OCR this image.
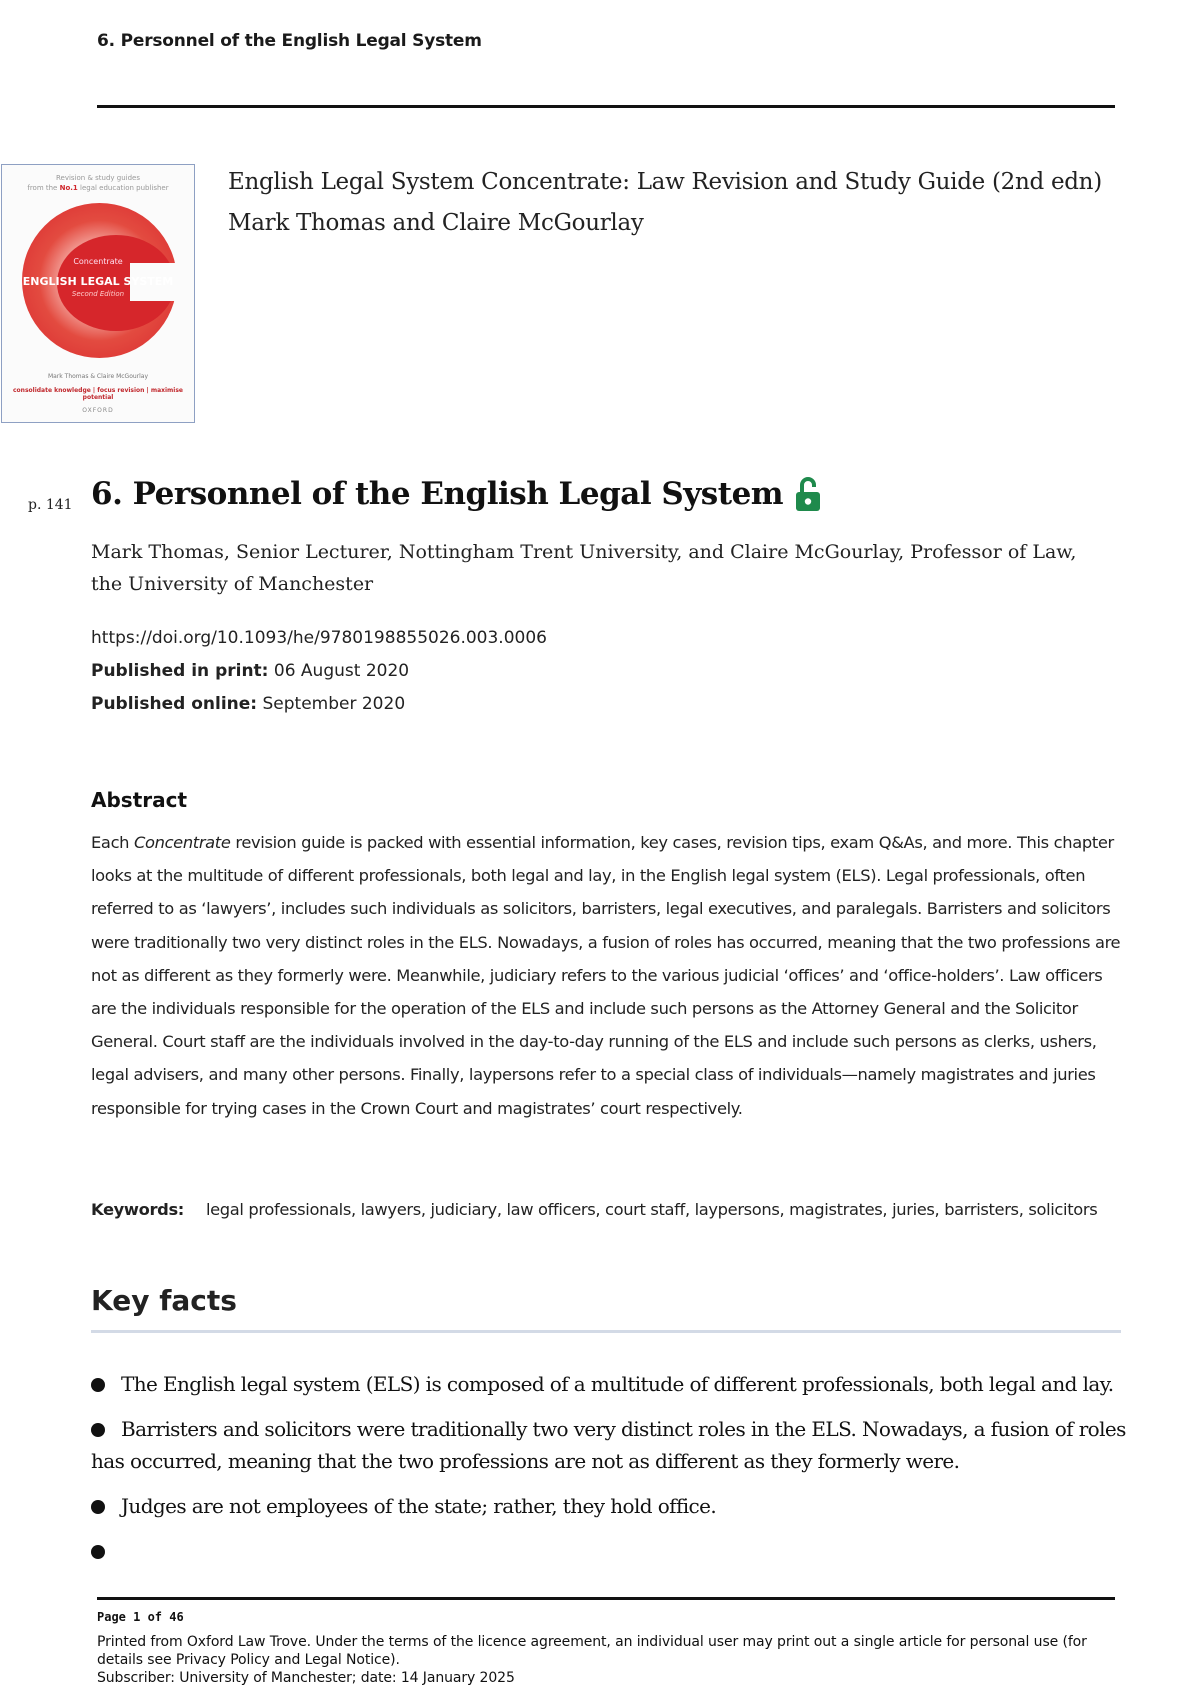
6. Personnel of the English Legal System
Revision & study guides
from the No.1 legal education publisher
Concentrate
ENGLISH LEGAL SYSTEM
Second Edition
Mark Thomas & Claire McGourlay
consolidate knowledge | focus revision | maximise potential
OXFORD
English Legal System Concentrate: Law Revision and Study Guide (2nd edn)
Mark Thomas and Claire McGourlay
p. 141 6. Personnel of the English Legal System
Mark Thomas, Senior Lecturer, Nottingham Trent University, and Claire McGourlay, Professor of Law, the University of Manchester
https://doi.org/10.1093/he/9780198855026.003.0006
Published in print: 06 August 2020
Published online: September 2020
Abstract
Each Concentrate revision guide is packed with essential information, key cases, revision tips, exam Q&As, and more. This chapter looks at the multitude of different professionals, both legal and lay, in the English legal system (ELS). Legal professionals, often referred to as ‘lawyers’, includes such individuals as solicitors, barristers, legal executives, and paralegals. Barristers and solicitors were traditionally two very distinct roles in the ELS. Nowadays, a fusion of roles has occurred, meaning that the two professions are not as different as they formerly were. Meanwhile, judiciary refers to the various judicial ‘offices’ and ‘office-holders’. Law officers are the individuals responsible for the operation of the ELS and include such persons as the Attorney General and the Solicitor General. Court staff are the individuals involved in the day-to-day running of the ELS and include such persons as clerks, ushers, legal advisers, and many other persons. Finally, laypersons refer to a special class of individuals—namely magistrates and juries responsible for trying cases in the Crown Court and magistrates’ court respectively.
Keywords: legal professionals, lawyers, judiciary, law officers, court staff, laypersons, magistrates, juries, barristers, solicitors
Key facts
The English legal system (ELS) is composed of a multitude of different professionals, both legal and lay.
Barristers and solicitors were traditionally two very distinct roles in the ELS. Nowadays, a fusion of roles has occurred, meaning that the two professions are not as different as they formerly were.
Judges are not employees of the state; rather, they hold office.
Page 1 of 46
Printed from Oxford Law Trove. Under the terms of the licence agreement, an individual user may print out a single article for personal use (for details see Privacy Policy and Legal Notice).
Subscriber: University of Manchester; date: 14 January 2025
